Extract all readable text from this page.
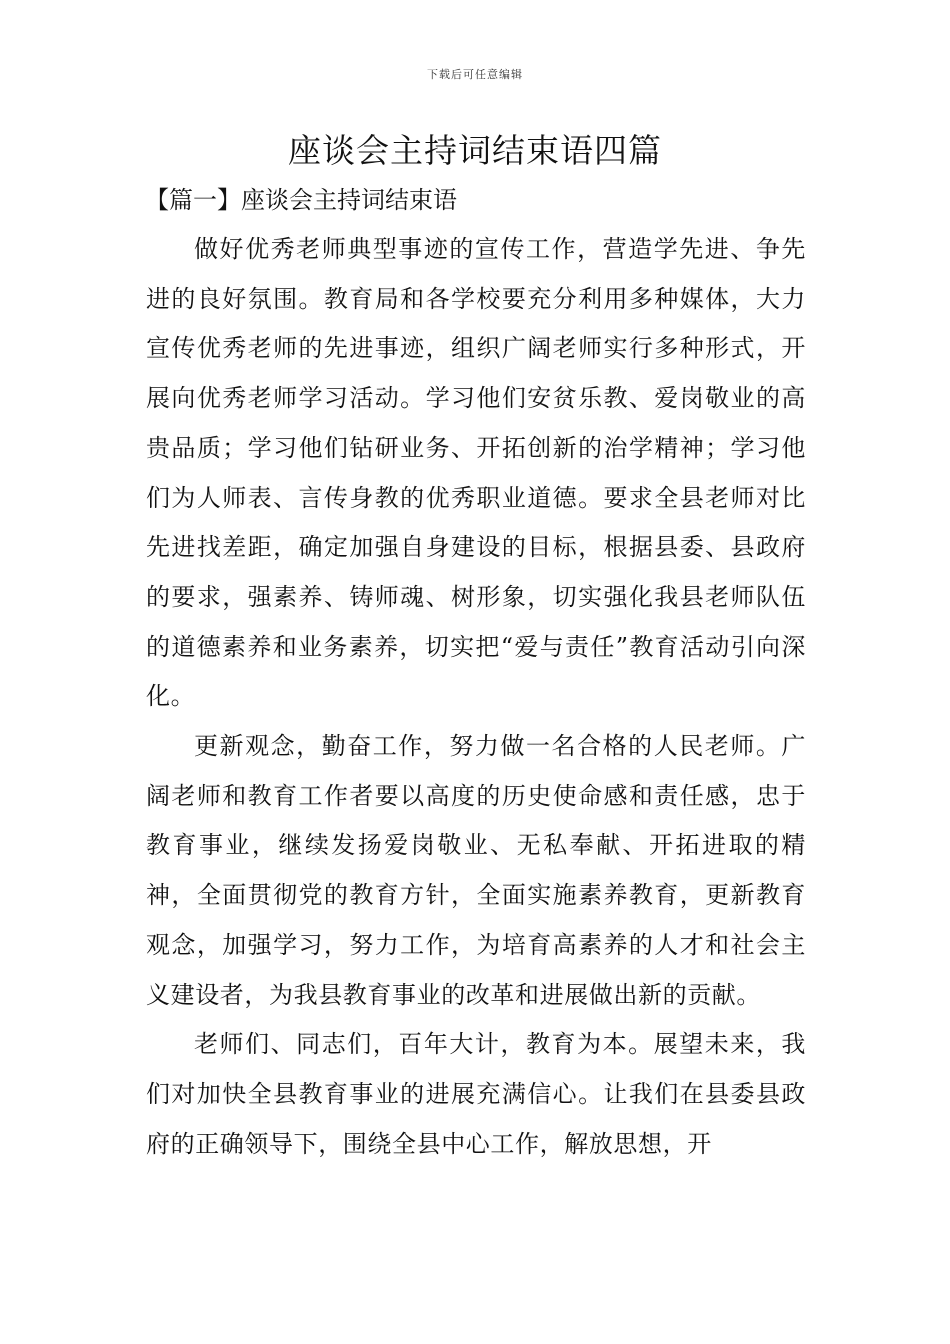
下载后可任意编辑
座谈会主持词结束语四篇
【篇一】座谈会主持词结束语

做好优秀老师典型事迹的宣传工作，营造学先进、争先进的良好氛围。教育局和各学校要充分利用多种媒体，大力宣传优秀老师的先进事迹，组织广阔老师实行多种形式，开展向优秀老师学习活动。学习他们安贫乐教、爱岗敬业的高贵品质；学习他们钻研业务、开拓创新的治学精神；学习他们为人师表、言传身教的优秀职业道德。要求全县老师对比先进找差距，确定加强自身建设的目标，根据县委、县政府的要求，强素养、铸师魂、树形象，切实强化我县老师队伍的道德素养和业务素养，切实把“爱与责任”教育活动引向深化。

更新观念，勤奋工作，努力做一名合格的人民老师。广阔老师和教育工作者要以高度的历史使命感和责任感，忠于教育事业，继续发扬爱岗敬业、无私奉献、开拓进取的精神，全面贯彻党的教育方针，全面实施素养教育，更新教育观念，加强学习，努力工作，为培育高素养的人才和社会主义建设者，为我县教育事业的改革和进展做出新的贡献。

老师们、同志们，百年大计，教育为本。展望未来，我们对加快全县教育事业的进展充满信心。让我们在县委县政府的正确领导下，围绕全县中心工作，解放思想，开
